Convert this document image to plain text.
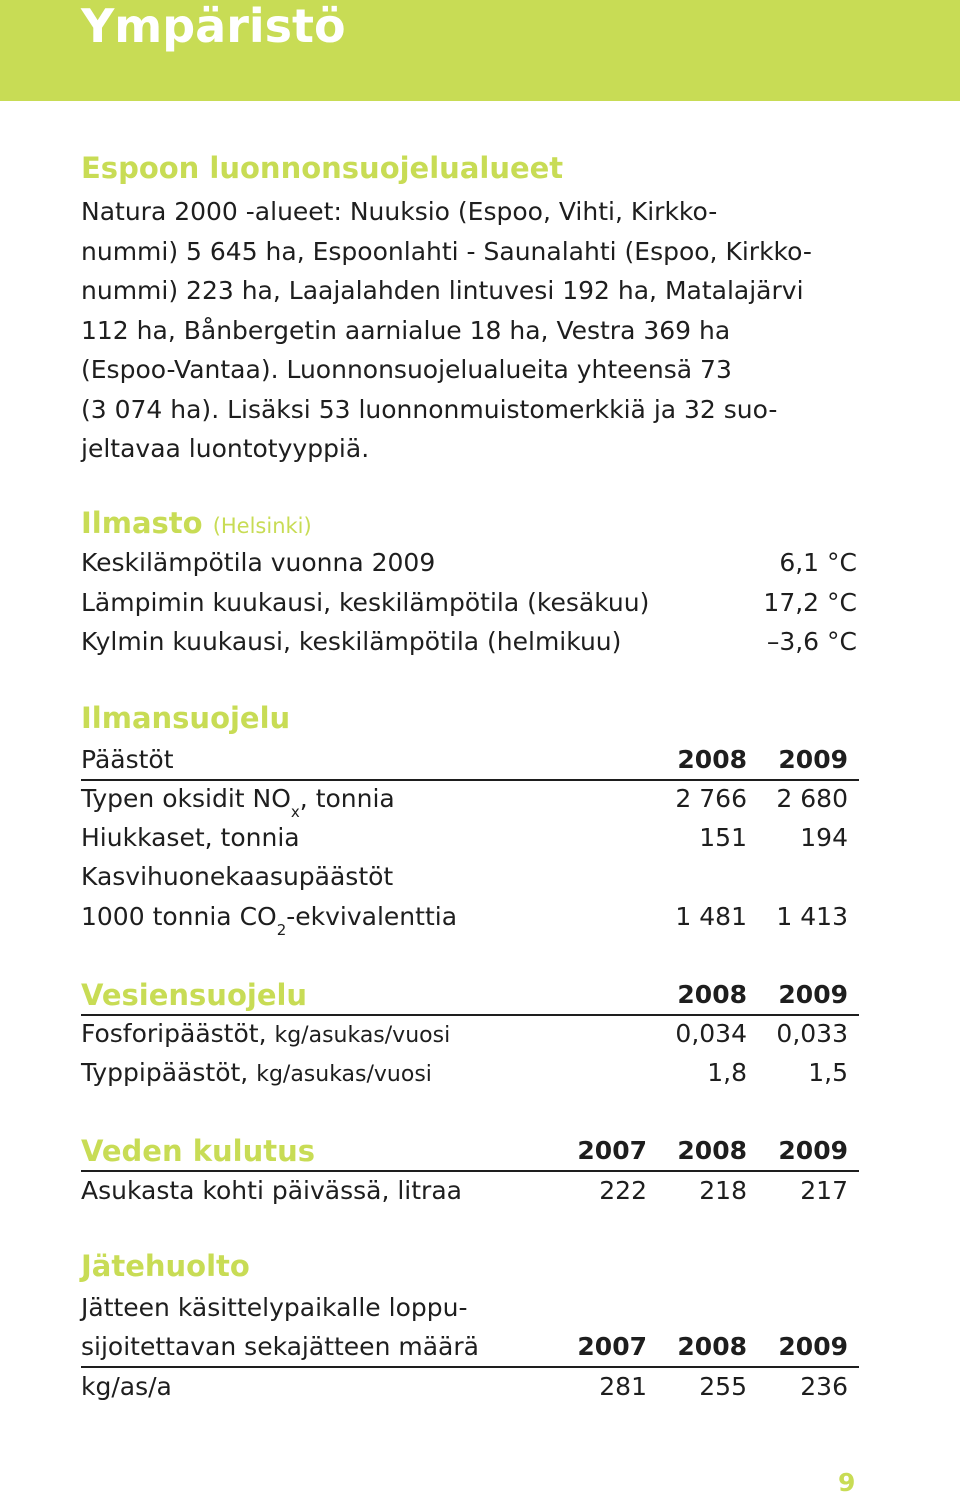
Ympäristö
Espoon luonnonsuojelualueet
Natura 2000 -alueet: Nuuksio (Espoo, Vihti, Kirkko-
nummi) 5 645 ha, Espoonlahti - Saunalahti (Espoo, Kirkko-
nummi) 223 ha, Laajalahden lintuvesi 192 ha, Matalajärvi
112 ha, Bånbergetin aarnialue 18 ha, Vestra 369 ha
(Espoo-Vantaa). Luonnonsuojelualueita yhteensä 73
(3 074 ha). Lisäksi 53 luonnonmuistomerkkiä ja 32 suo-
jeltavaa luontotyyppiä.
Ilmasto (Helsinki)
Keskilämpötila vuonna 2009	6,1 °C
Lämpimin kuukausi, keskilämpötila (kesäkuu)	17,2 °C
Kylmin kuukausi, keskilämpötila (helmikuu)	–3,6 °C
Ilmansuojelu
Päästöt	2008	2009
Typen oksidit $NO_x$, tonnia	2 766	2 680
Hiukkaset, tonnia	151	194
Kasvihuonekaasupäästöt
1000 tonnia $CO_2$-ekvivalenttia	1 481	1 413
Vesiensuojelu	2008	2009
Fosforipäästöt, kg/asukas/vuosi	0,034	0,033
Typpipäästöt, kg/asukas/vuosi	1,8	1,5
Veden kulutus	2007	2008	2009
Asukasta kohti päivässä, litraa	222	218	217
Jätehuolto
Jätteen käsittelypaikalle loppu-
sijoitettavan sekajätteen määrä	2007	2008	2009
kg/as/a	281	255	236
9
